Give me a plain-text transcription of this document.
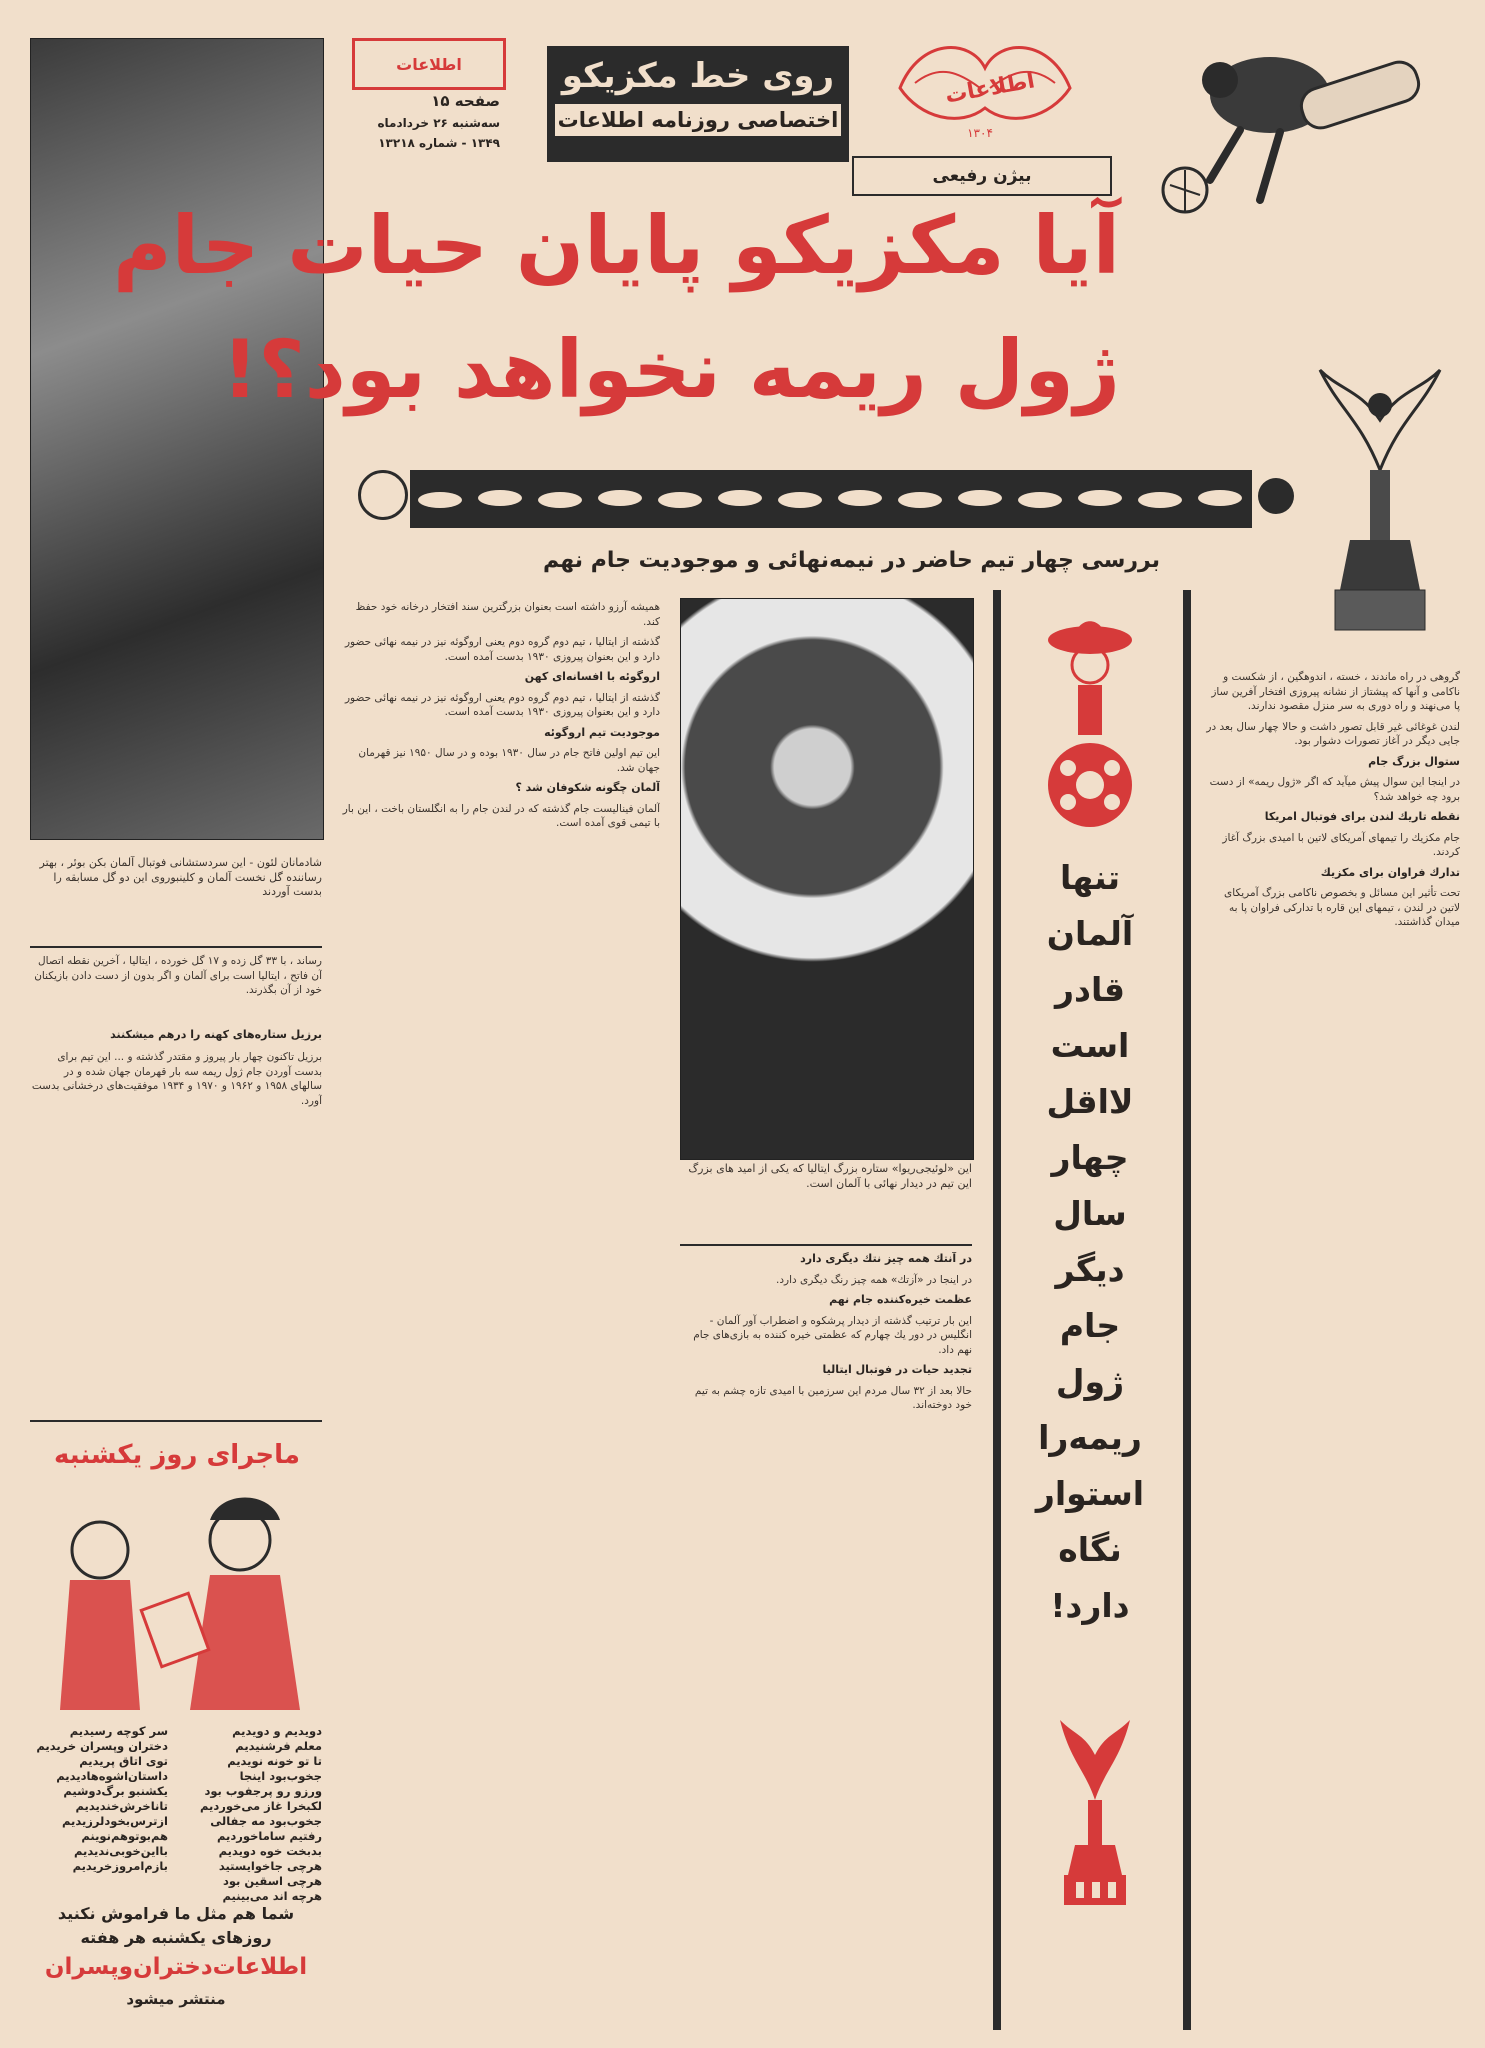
اطلاعات
صفحه ۱۵
سه‌شنبه ۲۶ خردادماه
۱۳۴۹ - شماره ۱۳۲۱۸
روی خط مکزیکو
اختصاصی روزنامه اطلاعات
اطلاعات
۱۳۰۴
بیژن رفیعی
آیا مکزیکو پایان حیات جام
ژول ریمه نخواهد بود؟!
بررسی چهار تیم حاضر در نیمه‌نهائی و موجودیت جام نهم
شادمانان لئون - این سردستشانی فوتبال آلمان بکن بوئر ، بهتر رساننده گل نخست آلمان و کلینبوروی این دو گل مسابقه را بدست آوردند
رساند ، با ۳۳ گل زده و ۱۷ گل خورده ، ایتالیا ، آخرین نقطه اتصال آن فاتح ، ایتالیا است برای آلمان و اگر بدون از دست دادن بازیکنان خود از آن بگذرند.
برزیل ستاره‌های کهنه را درهم میشکنند
برزیل تاکنون چهار بار پیروز و مقتدر گذشته و ... این تیم برای بدست آوردن جام ژول ریمه سه بار قهرمان جهان شده و در سالهای ۱۹۵۸ و ۱۹۶۲ و ۱۹۷۰ و ۱۹۳۴ موفقیت‌های درخشانی بدست آورد.
ماجرای روز یکشنبه
دویدیم و دویدیم
معلم فرشنیدیم
تا تو خونه نویدیم
جخوب‌بود اینجا
ورزو رو پر‌جفوب بود
لکبخرا غاز می‌خوردیم
جخوب‌بود مه جفالی
رفتیم ساماخوردیم
بدبخت خوه دویدیم
هرچی جاخوایستید
هرچی اسقین بود
هرچه اند می‌بینیم
سر کوچه رسیدیم
دختران وپسران خریدیم
توی اتاق پریدیم
داستان‌اشوه‌ها‌دیدیم
یکشنبو برگ‌دوشیم
تا‌ناخرش‌خندیدیم
ازترس‌بخودلرزیدیم
هم‌بوتوهم‌نوینم
بااین‌خوبی‌ندیدیم
باز‌م‌امروز‌خریدیم
شما هم مثل ما فراموش نکنید
روزهای یکشنبه هر هفته
اطلاعات‌دختران‌وپسران
منتشر میشود

همیشه آرزو داشته است بعنوان بزرگترین سند افتخار درخانه خود حفظ کند.

گذشته از ایتالیا ، تیم دوم گروه دوم یعنی اروگوئه نیز در نیمه نهائی حضور دارد و این بعنوان پیروزی ۱۹۳۰ بدست آمده است.

اروگوئه با افسانه‌ای کهن

گذشته از ایتالیا ، تیم دوم گروه دوم یعنی اروگوئه نیز در نیمه نهائی حضور دارد و این بعنوان پیروزی ۱۹۳۰ بدست آمده است.

موجودیت تیم اروگوئه

این تیم اولین فاتح جام در سال ۱۹۳۰ بوده و در سال ۱۹۵۰ نیز قهرمان جهان شد.

آلمان چگونه شکوفان شد ؟

آلمان فینالیست جام گذشته که در لندن جام را به انگلستان باخت ، این بار با تیمی قوی آمده است.

این «لوئیجی‌ریوا» ستاره بزرگ ایتالیا که یکی از امید های بزرگ این تیم در دیدار نهائی با آلمان است.
در آنتك همه چیز نتك دیگری دارد

در اینجا در «آزتك» همه چیز رنگ دیگری دارد.

عظمت خیره‌کننده جام نهم

این بار ترتیب گذشته از دیدار پرشکوه و اضطراب آور آلمان - انگلیس در دور یك چهارم که عظمتی خیره کننده به بازی‌های جام نهم داد.

تجدید حیات در فوتبال ایتالیا

حالا بعد از ۳۲ سال مردم این سرزمین با امیدی تازه چشم به تیم خود دوخته‌اند.

تنها
آلمان
قادر
است
لااقل
چهار
سال
دیگر
جام
ژول
ریمه‌را
استوار
نگاه
دارد!

گروهی در راه ماندند ، خسته ، اندوهگین ، از شکست و ناکامی و آنها که پیشتاز از نشانه پیروزی افتخار آفرین ساز پا می‌نهند و راه دوری به سر منزل مقصود ندارند.

لندن غوغائی غیر قابل تصور داشت و حالا چهار سال بعد در جایی دیگر در آغاز تصورات دشوار بود.

ستوال بزرگ جام

در اینجا این سوال پیش میآید که اگر «ژول ریمه» از دست برود چه خواهد شد؟

نقطه تاریك لندن برای فوتبال امریکا

جام مکزیك را تیمهای آمریکای لاتین با امیدی بزرگ آغاز کردند.

تدارك فراوان برای مکزیك

تحت تأثیر این مسائل و بخصوص ناکامی بزرگ آمریکای لاتین در لندن ، تیمهای این قاره با تدارکی فراوان پا به میدان گذاشتند.
